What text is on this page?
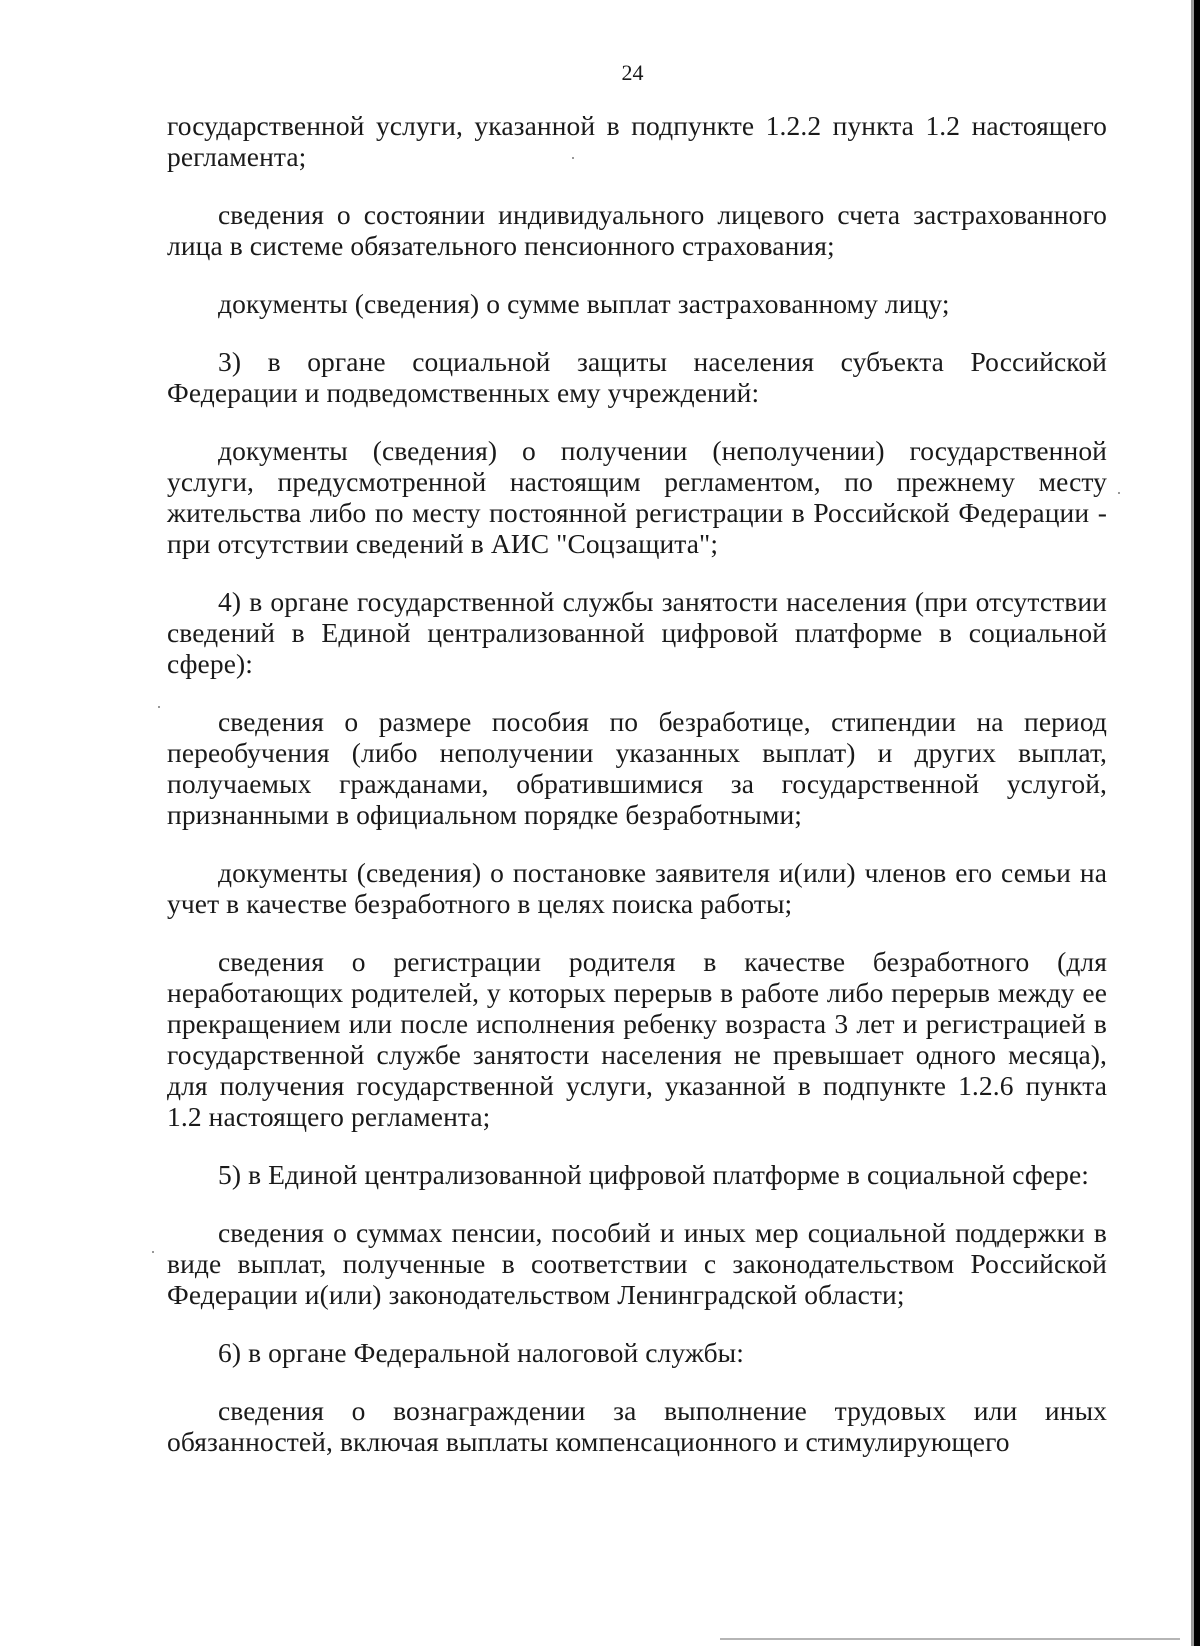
24

государственной услуги, указанной в подпункте 1.2.2 пункта 1.2 настоящего регламента;

сведения о состоянии индивидуального лицевого счета застрахованного лица в системе обязательного пенсионного страхования;

документы (сведения) о сумме выплат застрахованному лицу;

3) в органе социальной защиты населения субъекта Российской Федерации и подведомственных ему учреждений:

документы (сведения) о получении (неполучении) государственной услуги, предусмотренной настоящим регламентом, по прежнему месту жительства либо по месту постоянной регистрации в Российской Федерации - при отсутствии сведений в АИС "Соцзащита";

4) в органе государственной службы занятости населения (при отсутствии сведений в Единой централизованной цифровой платформе в социальной сфере):

сведения о размере пособия по безработице, стипендии на период переобучения (либо неполучении указанных выплат) и других выплат, получаемых гражданами, обратившимися за государственной услугой, признанными в официальном порядке безработными;

документы (сведения) о постановке заявителя и(или) членов его семьи на учет в качестве безработного в целях поиска работы;

сведения о регистрации родителя в качестве безработного (для неработающих родителей, у которых перерыв в работе либо перерыв между ее прекращением или после исполнения ребенку возраста 3 лет и регистрацией в государственной службе занятости населения не превышает одного месяца), для получения государственной услуги, указанной в подпункте 1.2.6 пункта 1.2 настоящего регламента;

5) в Единой централизованной цифровой платформе в социальной сфере:

сведения о суммах пенсии, пособий и иных мер социальной поддержки в виде выплат, полученные в соответствии с законодательством Российской Федерации и(или) законодательством Ленинградской области;

6) в органе Федеральной налоговой службы:

сведения о вознаграждении за выполнение трудовых или иных обязанностей, включая выплаты компенсационного и стимулирующего
